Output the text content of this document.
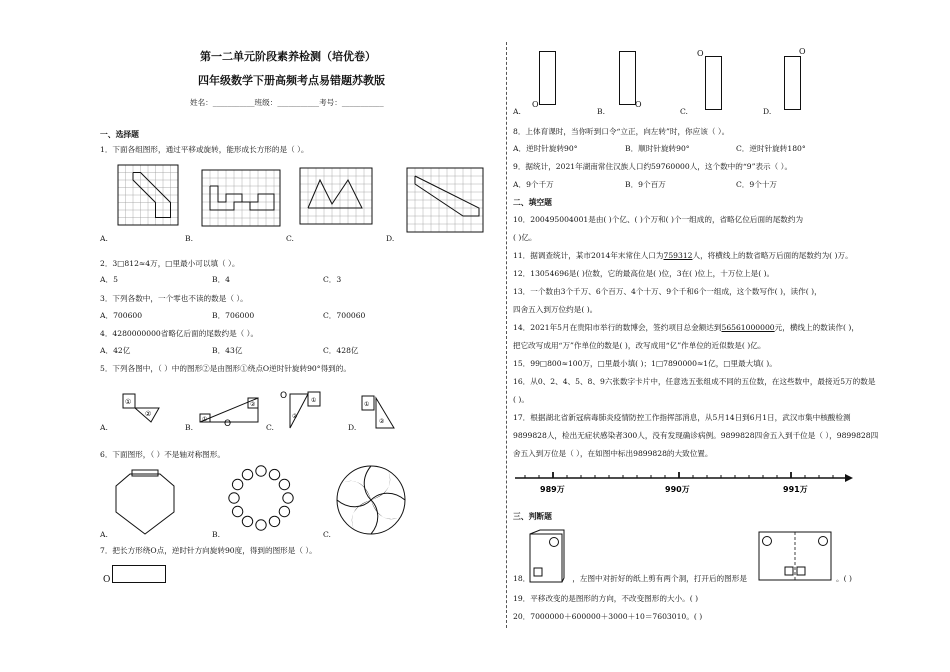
第一二单元阶段素养检测（培优卷）
四年级数学下册高频考点易错题苏教版
姓名：___________班级：___________考号：___________
一、选择题
1．下面各组图形，通过平移或旋转，能形成长方形的是（ ）。
A.	B.	C.	D.
2．3□812≈4万，□里最小可以填（ ）。
A．5	B．4	C．3
3．下列各数中，一个零也不读的数是（ ）。
A．700600	B．706000	C．700060
4．4280000000省略亿后面的尾数约是（ ）。
A．42亿	B．43亿	C．428亿
5．下列各图中，（ ）中的图形②是由图形①绕点O逆时针旋转90°得到的。
①
②
A.
①
②
O
B.
O	①
②
C.
①
②
D.
6．下面图形，（ ）不是轴对称图形。
A.	B.	C.
7．把长方形绕O点，逆时针方向旋转90度，得到的图形是（ ）。
O
O
A.
O
B.
O
C.
O
D.
8．上体育课时，当你听到口令“立正，向左转”时，你应该（ ）。
A．逆时针旋转90°	B．顺时针旋转90°	C．逆时针旋转180°
9．据统计，2021年湖南常住汉族人口约59760000人，这个数中的“9”表示（ ）。
A．9个千万	B．9个百万	C．9个十万
二、填空题
10．200495004001是由( )个亿、( )个万和( )个一组成的，省略亿位后面的尾数约为
( )亿。
11．据调查统计，某市2014年末常住人口为759312人，将横线上的数省略万后面的尾数约为( )万。
12．13054696是( )位数，它的最高位是( )位，3在( )位上，十万位上是( )。
13．一个数由3个千万、6个百万、4个十万、9个千和6个一组成，这个数写作( )，读作( )，
四舍五入到万位约是( )。
14．2021年5月在贵阳市举行的数博会，签约项目总金额达到56561000000元，横线上的数读作( )，
把它改写成用“万”作单位的数是( )，改写成用“亿”作单位的近似数是( )亿。
15．99□800≈100万，□里最小填( )；1□7890000≈1亿，□里最大填( )。
16．从0、2、4、5、8、9六张数字卡片中，任意选五张组成不同的五位数，在这些数中，最接近5万的数是
( )。
17．根据湖北省新冠病毒肺炎疫情防控工作指挥部消息，从5月14日到6月1日，武汉市集中核酸检测
9899828人，检出无症状感染者300人，没有发现确诊病例。9899828四舍五入到千位是（ ），9899828四
舍五入到万位是（ ），在如图中标出9899828的大致位置。
989万	990万	991万
三、判断题
18．	，左图中对折好的纸上剪有两个洞，打开后的图形是	。( )
19．平移改变的是图形的方向，不改变图形的大小。( )
20．7000000＋600000＋3000＋10＝7603010。( )
